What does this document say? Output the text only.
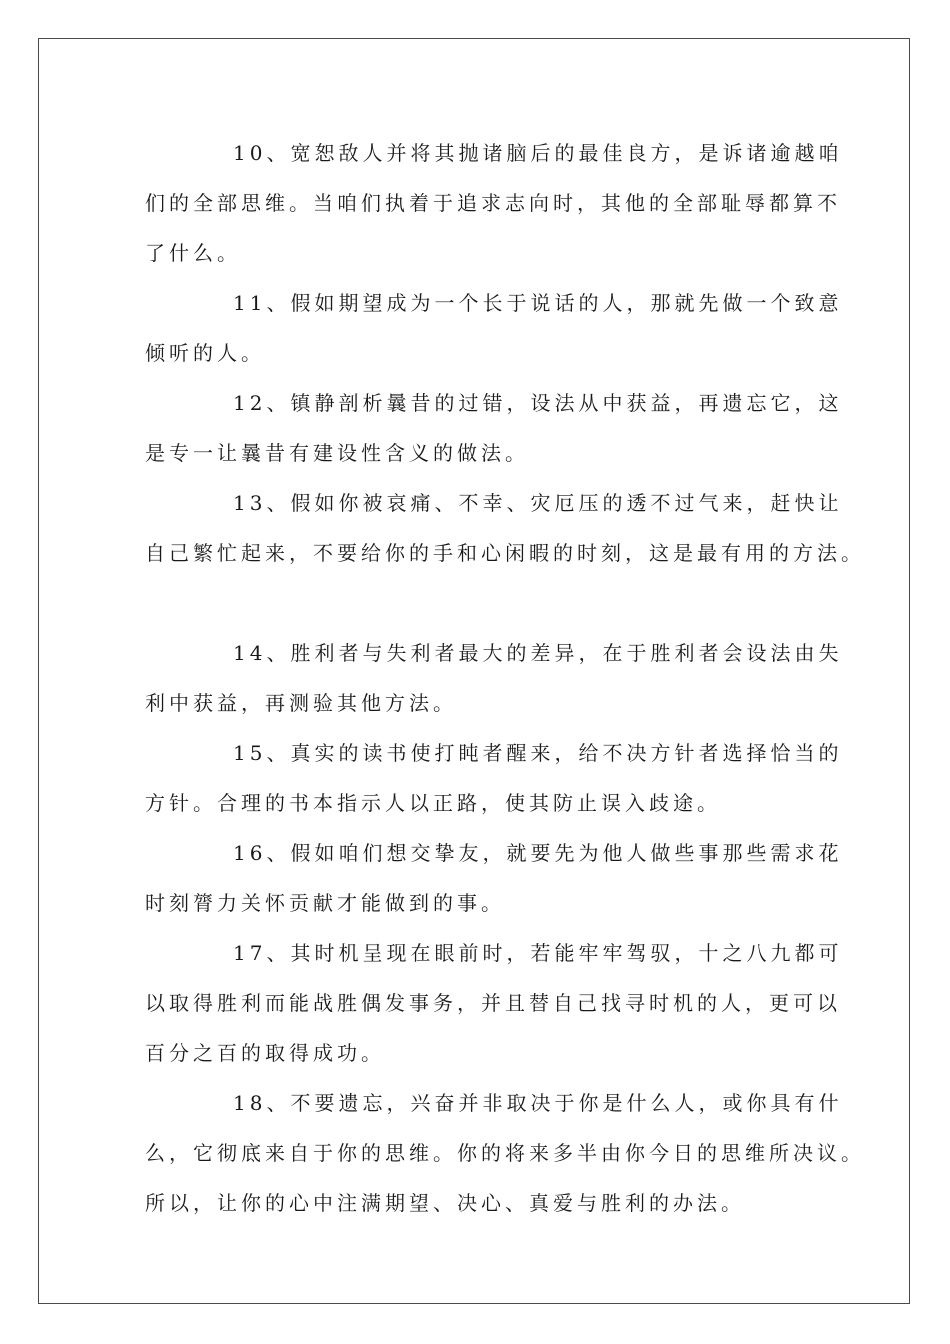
10、宽恕敌人并将其抛诸脑后的最佳良方，是诉诸逾越咱
们的全部思维。当咱们执着于追求志向时，其他的全部耻辱都算不
了什么。

11、假如期望成为一个长于说话的人，那就先做一个致意
倾听的人。

12、镇静剖析曩昔的过错，设法从中获益，再遗忘它，这
是专一让曩昔有建设性含义的做法。

13、假如你被哀痛、不幸、灾厄压的透不过气来，赶快让
自己繁忙起来，不要给你的手和心闲暇的时刻，这是最有用的方法。

14、胜利者与失利者最大的差异，在于胜利者会设法由失
利中获益，再测验其他方法。

15、真实的读书使打盹者醒来，给不决方针者选择恰当的
方针。合理的书本指示人以正路，使其防止误入歧途。

16、假如咱们想交挚友，就要先为他人做些事那些需求花
时刻膂力关怀贡献才能做到的事。

17、其时机呈现在眼前时，若能牢牢驾驭，十之八九都可
以取得胜利而能战胜偶发事务，并且替自己找寻时机的人，更可以
百分之百的取得成功。

18、不要遗忘，兴奋并非取决于你是什么人，或你具有什
么，它彻底来自于你的思维。你的将来多半由你今日的思维所决议。
所以，让你的心中注满期望、决心、真爱与胜利的办法。
